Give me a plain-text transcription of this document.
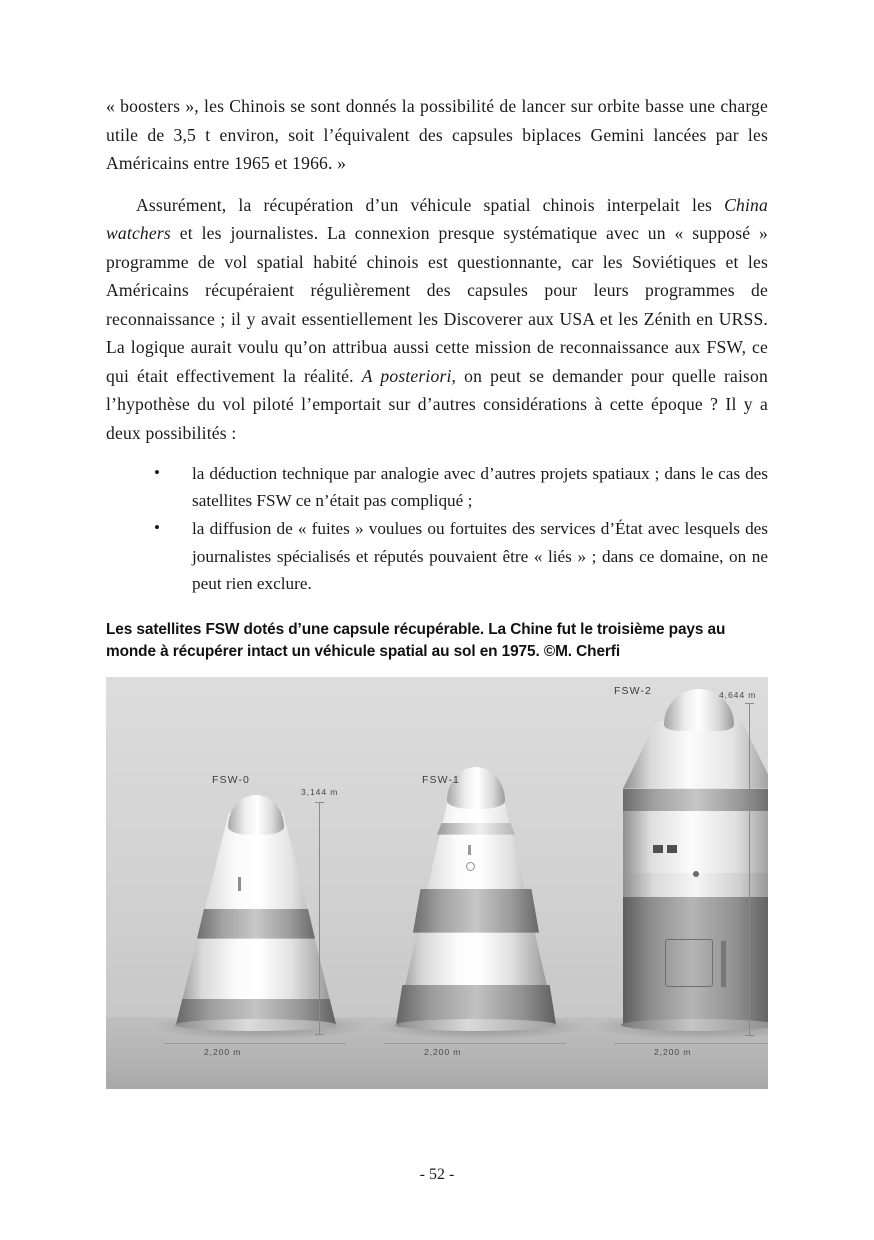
« boosters », les Chinois se sont donnés la possibilité de lancer sur orbite basse une charge utile de 3,5 t environ, soit l’équivalent des capsules biplaces Gemini lancées par les Américains entre 1965 et 1966. »

Assurément, la récupération d’un véhicule spatial chinois interpelait les China watchers et les journalistes. La connexion presque systématique avec un « supposé » programme de vol spatial habité chinois est questionnante, car les Soviétiques et les Américains récupéraient régulièrement des capsules pour leurs programmes de reconnaissance ; il y avait essentiellement les Discoverer aux USA et les Zénith en URSS. La logique aurait voulu qu’on attribua aussi cette mission de reconnaissance aux FSW, ce qui était effectivement la réalité. A posteriori, on peut se demander pour quelle raison l’hypothèse du vol piloté l’emportait sur d’autres considérations à cette époque ? Il y a deux possibilités :

• la déduction technique par analogie avec d’autres projets spatiaux ; dans le cas des satellites FSW ce n’était pas compliqué ;
• la diffusion de « fuites » voulues ou fortuites des services d’État avec lesquels des journalistes spécialisés et réputés pouvaient être « liés » ; dans ce domaine, on ne peut rien exclure.
Les satellites FSW dotés d’une capsule récupérable. La Chine fut le troisième pays au monde à récupérer intact un véhicule spatial au sol en 1975. ©M. Cherfi
FSW-0	FSW-1
FSW-2
3,144 m
4,644 m
2,200 m	2,200 m	2,200 m
- 52 -
